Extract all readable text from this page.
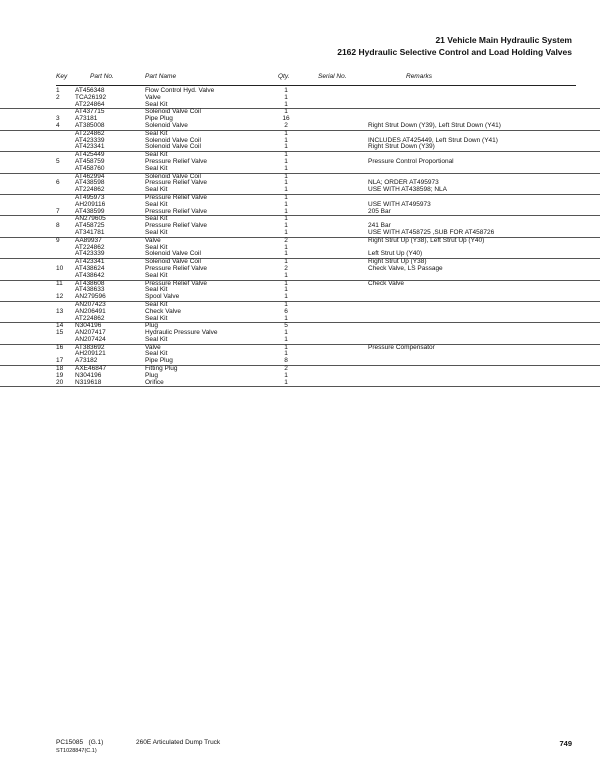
21 Vehicle Main Hydraulic System
2162 Hydraulic Selective Control and Load Holding Valves
Key	Part No.	Part Name	Qty.	Serial No.	Remarks
1 AT456348	Flow Control Hyd. Valve	1
2 TCA26192	Valve	1
AT224864	Seal Kit	1
AT437715	Solenoid Valve Coil	1
3 A73181	Pipe Plug	16
4 AT385008	Solenoid Valve	2	Right Strut Down (Y39), Left Strut Down (Y41)
AT224862	Seal Kit	1
AT423339	Solenoid Valve Coil	1	INCLUDES AT425449, Left Strut Down (Y41)
AT423341	Solenoid Valve Coil	1	Right Strut Down (Y39)
AT425449	Seal Kit	1
5 AT458759	Pressure Relief Valve	1	Pressure Control Proportional
AT458760	Seal Kit	1
AT462994	Solenoid Valve Coil	1
6 AT438598	Pressure Relief Valve	1	NLA; ORDER AT495973
AT224862	Seal Kit	1	USE WITH AT438598; NLA
AT495973	Pressure Relief Valve	1
AH209116	Seal Kit	1	USE WITH AT495973
7 AT438599	Pressure Relief Valve	1	205 Bar
AN279605	Seal Kit	1
8 AT458725	Pressure Relief Valve	1	241 Bar
AT341781	Seal Kit	1	USE WITH AT458725 ,SUB FOR AT458726
9 AA89937	Valve	2	Right Strut Up (Y38), Left Strut Up (Y40)
AT224862	Seal Kit	1
AT423339	Solenoid Valve Coil	1	Left Strut Up (Y40)
AT423341	Solenoid Valve Coil	1	Right Strut Up (Y38)
10 AT438624	Pressure Relief Valve	2	Check Valve, LS Passage
AT438642	Seal Kit	1
11 AT438608	Pressure Relief Valve	1	Check Valve
AT438633	Seal Kit	1
12 AN279596	Spool Valve	1
AN207423	Seal Kit	1
13 AN206491	Check Valve	6
AT224862	Seal Kit	1
14 N304196	Plug	5
15 AN207417	Hydraulic Pressure Valve	1
AN207424	Seal Kit	1
16 AT383692	Valve	1	Pressure Compensator
AH209121	Seal Kit	1
17 A73182	Pipe Plug	8
18 AXE46847	Fitting Plug	2
19 N304196	Plug	1
20 N319618	Orifice	1
PC15085 (G.1)	260E Articulated Dump Truck
ST1028847(C.1)
749
